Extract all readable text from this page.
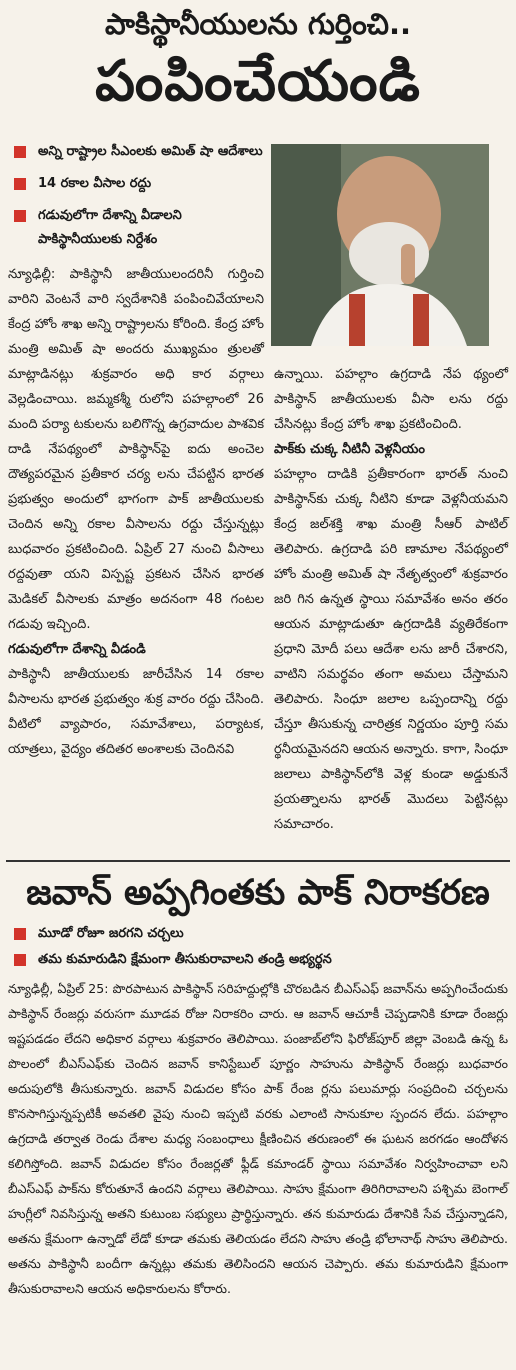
పాకిస్థానీయులను గుర్తించి..
పంపించేయండి
అన్ని రాష్ట్రాల సీఎంలకు అమిత్ షా ఆదేశాలు
14 రకాల వీసాల రద్దు
గడువులోగా దేశాన్ని వీడాలని పాకిస్థానీయులకు నిర్దేశం
న్యూఢిల్లీ: పాకిస్థానీ జాతీయులందరినీ గుర్తించి వారిని వెంటనే వారి స్వదేశానికి పంపించివేయాలని కేంద్ర హోం శాఖ అన్ని రాష్ట్రాలను కోరింది. కేంద్ర హోం మంత్రి అమిత్ షా అందరు ముఖ్యమం త్రులతో మాట్లాడినట్లు శుక్రవారం అధి కార వర్గాలు వెల్లడించాయి. జమ్మకశ్మీ రులోని పహల్గాంలో 26 మంది పర్యా టకులను బలిగొన్న ఉగ్రవాదుల పాశవిక దాడి నేపథ్యంలో పాకిస్థాన్‌పై ఐదు అంచెల దౌత్యపరమైన ప్రతీకార చర్య లను చేపట్టిన భారత ప్రభుత్వం అందులో భాగంగా పాక్ జాతీయులకు చెందిన అన్ని రకాల వీసాలను రద్దు చేస్తున్నట్లు బుధవారం ప్రకటించింది. ఏప్రిల్ 27 నుంచి వీసాలు రద్దవుతా యని విస్పష్ట ప్రకటన చేసిన భారత మెడికల్ వీసాలకు మాత్రం అదనంగా 48 గంటల గడువు ఇచ్చింది.
గడువులోగా దేశాన్ని వీడండి
పాకిస్థానీ జాతీయులకు జారీచేసిన 14 రకాల వీసాలను భారత ప్రభుత్వం శుక్ర వారం రద్దు చేసింది. వీటిలో వ్యాపారం, సమావేశాలు, పర్యాటక, యాత్రలు, వైద్యం తదితర అంశాలకు చెందినవి
ఉన్నాయి. పహల్గాం ఉగ్రదాడి నేప థ్యంలో పాకిస్థాన్ జాతీయులకు వీసా లను రద్దు చేసినట్లు కేంద్ర హోం శాఖ ప్రకటించింది.
పాక్‌కు చుక్క నీటినీ వెళ్లనీయం
పహల్గాం దాడికి ప్రతీకారంగా భారత్ నుంచి పాకిస్థాన్‌కు చుక్క నీటిని కూడా వెళ్లనీయమని కేంద్ర జల్‌శక్తి శాఖ మంత్రి సీఆర్ పాటిల్ తెలిపారు. ఉగ్రదాడి పరి ణామాల నేపథ్యంలో హోం మంత్రి అమిత్ షా నేతృత్వంలో శుక్రవారం జరి గిన ఉన్నత స్థాయి సమావేశం అనం తరం ఆయన మాట్లాడుతూ ఉగ్రదాడికి వ్యతిరేకంగా ప్రధాని మోదీ పలు ఆదేశా లను జారీ చేశారని, వాటిని సమర్థవం తంగా అమలు చేస్తామని తెలిపారు. సింధూ జలాల ఒప్పందాన్ని రద్దు చేస్తూ తీసుకున్న చారిత్రక నిర్ణయం పూర్తి సమ ర్థనీయమైనదని ఆయన అన్నారు. కాగా, సింధూ జలాలు పాకిస్థాన్‌లోకి వెళ్ల కుండా అడ్డుకునే ప్రయత్నాలను భారత్ మొదలు పెట్టినట్లు సమాచారం.
జవాన్ అప్పగింతకు పాక్ నిరాకరణ
మూడో రోజూ జరగని చర్చలు
తమ కుమారుడిని క్షేమంగా తీసుకురావాలని తండ్రి అభ్యర్థన
న్యూఢిల్లీ, ఏప్రిల్ 25: పొరపాటున పాకిస్థాన్ సరిహద్దుల్లోకి చొరబడిన బీఎస్ఎఫ్ జవాన్‌ను అప్పగించేందుకు పాకిస్థాన్ రేంజర్లు వరుసగా మూడవ రోజు నిరాకరిం చారు. ఆ జవాన్ ఆచూకీ చెప్పడానికి కూడా రేంజర్లు ఇష్టపడడం లేదని అధికార వర్గాలు శుక్రవారం తెలిపాయి. పంజాబ్‌లోని ఫిరోజ్‌పూర్ జిల్లా వెంబడి ఉన్న ఓ పొలంలో బీఎస్ఎఫ్‌కు చెందిన జవాన్ కానిస్టేబుల్ పూర్ణం సాహును పాకిస్థాన్ రేంజర్లు బుధవారం అదుపులోకి తీసుకున్నారు. జవాన్ విడుదల కోసం పాక్ రేంజ ర్లను పలుమార్లు సంప్రదించి చర్చలను కొనసాగిస్తున్నప్పటికీ అవతలి వైపు నుంచి ఇప్పటి వరకు ఎలాంటి సానుకూల స్పందన లేదు. పహల్గాం ఉగ్రదాడి తర్వాత రెండు దేశాల మధ్య సంబంధాలు క్షీణించిన తరుణంలో ఈ ఘటన జరగడం ఆందోళన కలిగిస్తోంది. జవాన్ విడుదల కోసం రేంజర్లతో ఫ్లీడ్ కమాండర్ స్థాయి సమావేశం నిర్వహించావా లని బీఎస్ఎఫ్ పాక్‌ను కోరుతూనే ఉందని వర్గాలు తెలిపాయి. సాహు క్షేమంగా తిరిగిరావాలని పశ్చిమ బెంగాల్ హుగ్లీలో నివసిస్తున్న అతని కుటుంబ సభ్యులు ప్రార్థిస్తున్నారు. తన కుమారుడు దేశానికి సేవ చేస్తున్నాడని, అతను క్షేమంగా ఉన్నాడో లేడో కూడా తమకు తెలియడం లేదని సాహు తండ్రి భోలానాథ్ సాహు తెలిపారు. అతను పాకిస్థానీ బందీగా ఉన్నట్లు తమకు తెలిసిందని ఆయన చెప్పారు. తమ కుమారుడిని క్షేమంగా తీసుకురావాలని ఆయన అధికారులను కోరారు.
